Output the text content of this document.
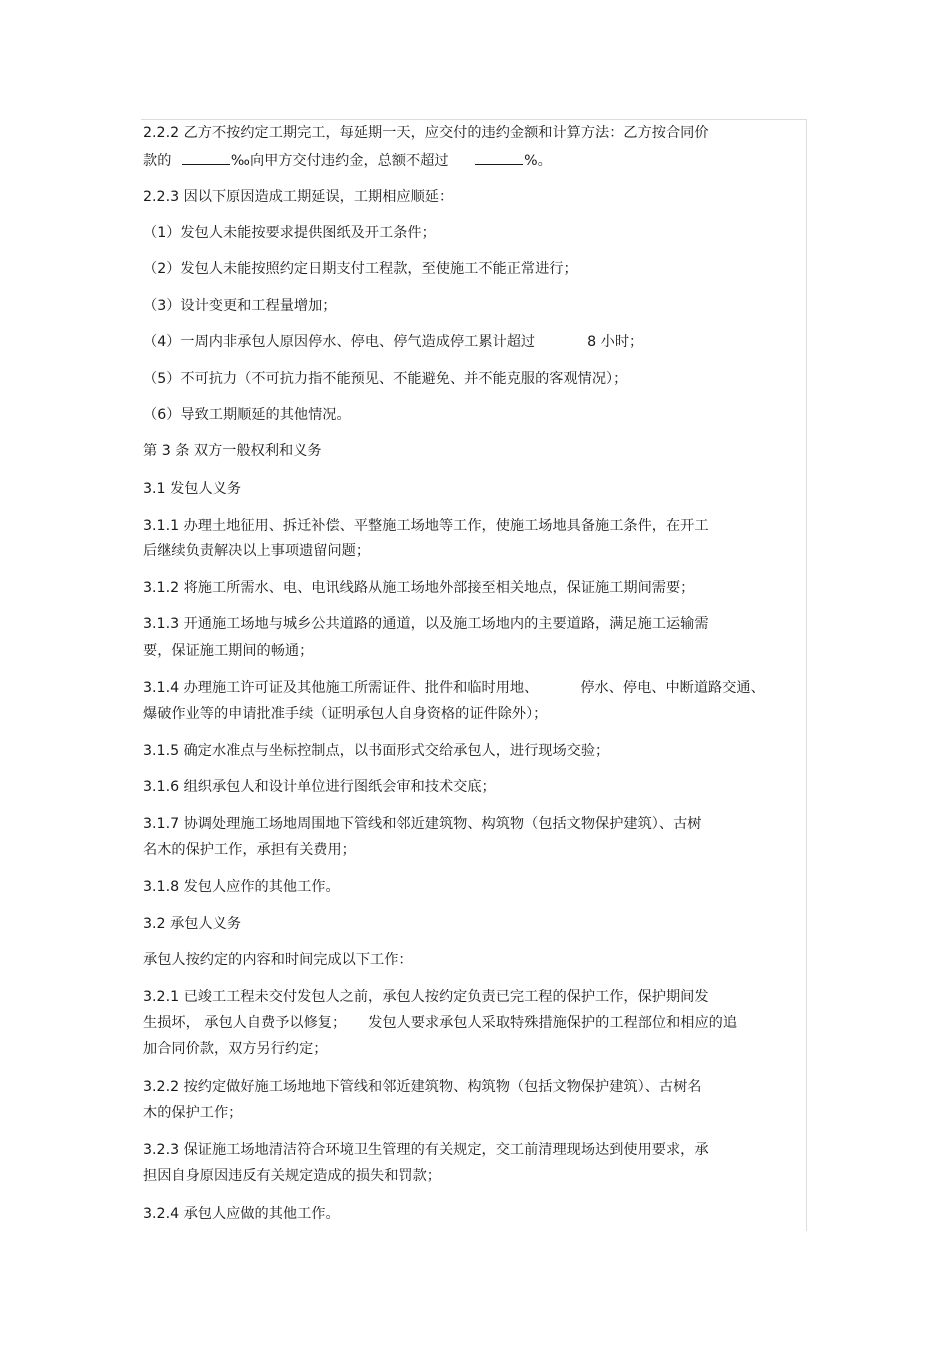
2.2.2 乙方不按约定工期完工，每延期一天，应交付的违约金额和计算方法：乙方按合同价
款的	‰向甲方交付违约金，总额不超过	%。
2.2.3 因以下原因造成工期延误，工期相应顺延：
（1）发包人未能按要求提供图纸及开工条件；
（2）发包人未能按照约定日期支付工程款，至使施工不能正常进行；
（3）设计变更和工程量增加；
（4）一周内非承包人原因停水、停电、停气造成停工累计超过	8 小时；
（5）不可抗力（不可抗力指不能预见、不能避免、并不能克服的客观情况）；
（6）导致工期顺延的其他情况。
第 3 条 双方一般权利和义务
3.1 发包人义务
3.1.1 办理土地征用、拆迁补偿、平整施工场地等工作，使施工场地具备施工条件，在开工
后继续负责解决以上事项遗留问题；
3.1.2 将施工所需水、电、电讯线路从施工场地外部接至相关地点，保证施工期间需要；
3.1.3 开通施工场地与城乡公共道路的通道，以及施工场地内的主要道路，满足施工运输需
要，保证施工期间的畅通；
3.1.4 办理施工许可证及其他施工所需证件、批件和临时用地、	停水、停电、中断道路交通、
爆破作业等的申请批准手续（证明承包人自身资格的证件除外）；
3.1.5 确定水准点与坐标控制点，以书面形式交给承包人，进行现场交验；
3.1.6 组织承包人和设计单位进行图纸会审和技术交底；
3.1.7 协调处理施工场地周围地下管线和邻近建筑物、构筑物（包括文物保护建筑）、古树
名木的保护工作，承担有关费用；
3.1.8 发包人应作的其他工作。
3.2 承包人义务
承包人按约定的内容和时间完成以下工作：
3.2.1 已竣工工程未交付发包人之前，承包人按约定负责已完工程的保护工作，保护期间发
生损坏， 承包人自费予以修复； 发包人要求承包人采取特殊措施保护的工程部位和相应的追
加合同价款，双方另行约定；
3.2.2 按约定做好施工场地地下管线和邻近建筑物、构筑物（包括文物保护建筑）、古树名
木的保护工作；
3.2.3 保证施工场地清洁符合环境卫生管理的有关规定，交工前清理现场达到使用要求，承
担因自身原因违反有关规定造成的损失和罚款；
3.2.4 承包人应做的其他工作。
